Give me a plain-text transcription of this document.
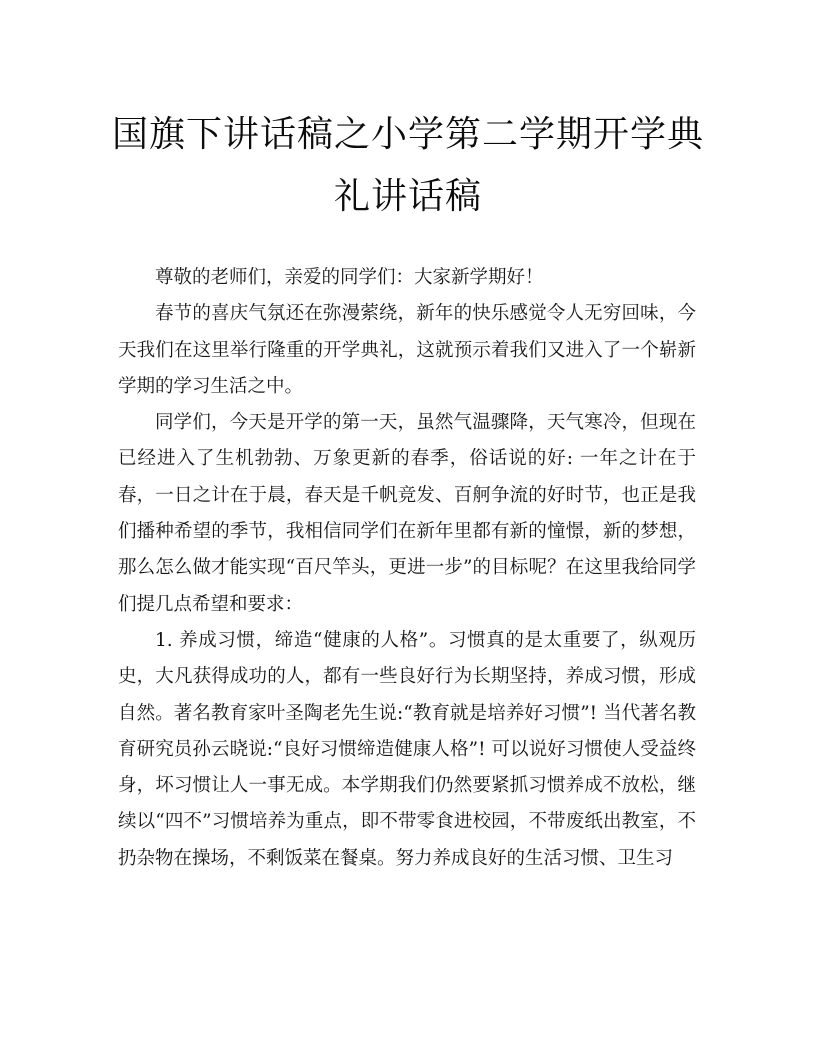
国旗下讲话稿之小学第二学期开学典礼讲话稿

尊敬的老师们，亲爱的同学们：大家新学期好！

春节的喜庆气氛还在弥漫萦绕，新年的快乐感觉令人无穷回味，今天我们在这里举行隆重的开学典礼，这就预示着我们又进入了一个崭新学期的学习生活之中。

同学们，今天是开学的第一天，虽然气温骤降，天气寒冷，但现在已经进入了生机勃勃、万象更新的春季，俗话说的好: 一年之计在于春，一日之计在于晨，春天是千帆竞发、百舸争流的好时节，也正是我们播种希望的季节，我相信同学们在新年里都有新的憧憬，新的梦想，那么怎么做才能实现“百尺竿头，更进一步”的目标呢？在这里我给同学们提几点希望和要求：

1. 养成习惯，缔造“健康的人格”。习惯真的是太重要了，纵观历史，大凡获得成功的人，都有一些良好行为长期坚持，养成习惯，形成自然。著名教育家叶圣陶老先生说:“教育就是培养好习惯”! 当代著名教育研究员孙云晓说:“良好习惯缔造健康人格”! 可以说好习惯使人受益终身，坏习惯让人一事无成。本学期我们仍然要紧抓习惯养成不放松，继续以“四不”习惯培养为重点，即不带零食进校园，不带废纸出教室，不扔杂物在操场，不剩饭菜在餐桌。努力养成良好的生活习惯、卫生习
